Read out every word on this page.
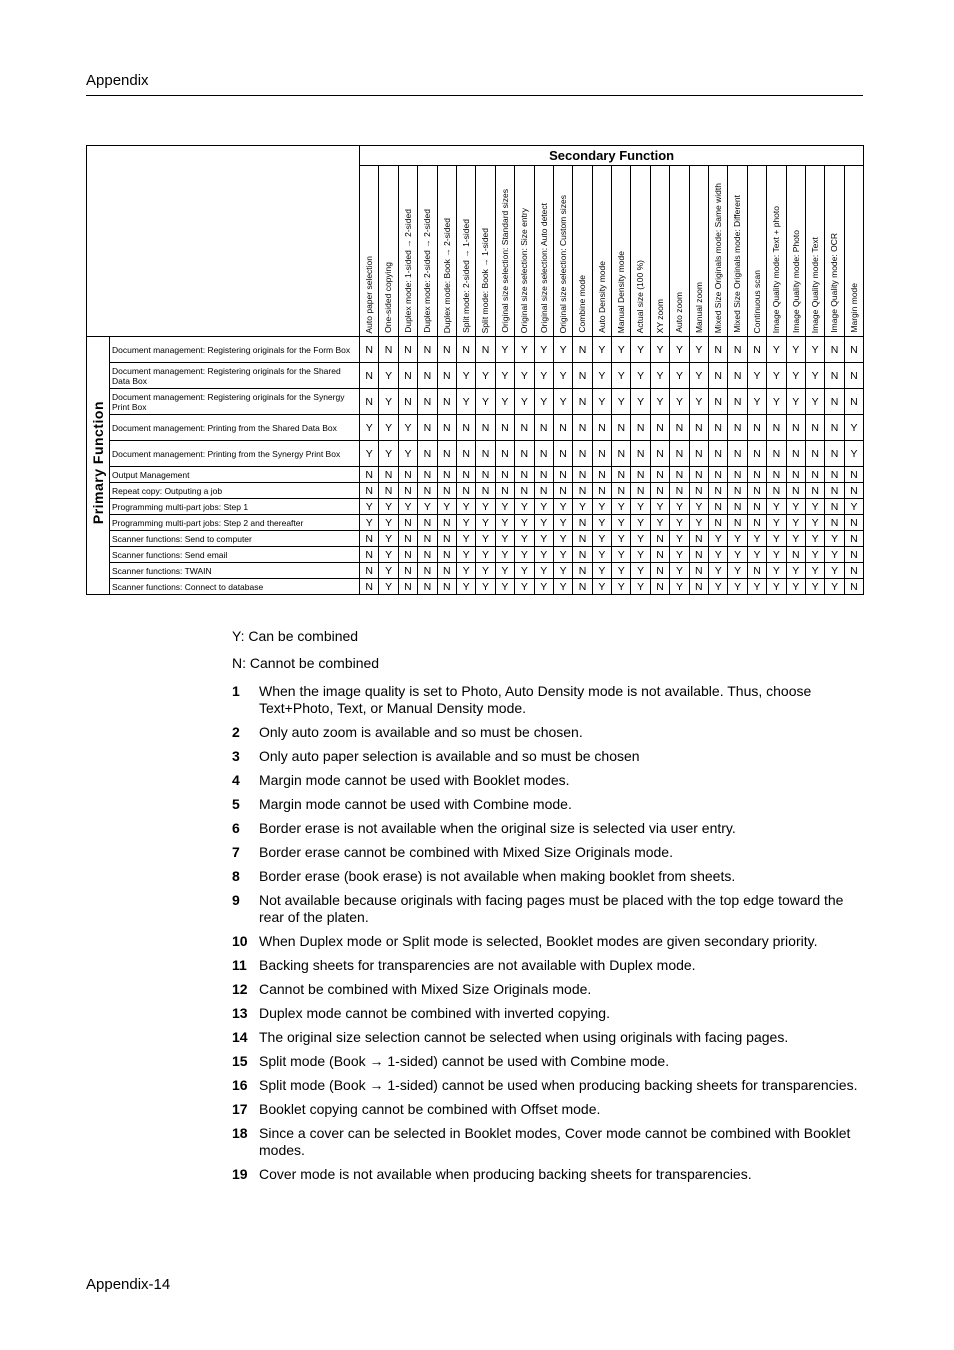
Appendix
		Secondary Function																									

		Auto paper selection	One-sided copying	Duplex mode: 1-sided → 2-sided	Duplex mode: 2-sided → 2-sided	Duplex mode: Book → 2-sided	Split mode: 2-sided → 1-sided	Split mode: Book → 1-sided	Original size selection: Standard sizes	Original size selection: Size entry	Original size selection: Auto detect	Original size selection: Custom sizes	Combine mode	Auto Density mode	Manual Density mode	Actual size (100 %)	XY zoom	Auto zoom	Manual zoom	Mixed Size Originals mode: Same width	Mixed Size Originals mode: Different	Continuous scan	Image Quality mode: Text + photo	Image Quality mode: Photo	Image Quality mode: Text	Image Quality mode: OCR	Margin mode

Primary Function	Document management: Registering originals for the Form Box	N	N	N	N	N	N	N	Y	Y	Y	Y	N	Y	Y	Y	Y	Y	Y	N	N	N	Y	Y	Y	N	N
	Document management: Registering originals for the Shared Data Box	N	Y	N	N	N	Y	Y	Y	Y	Y	Y	N	Y	Y	Y	Y	Y	Y	N	N	Y	Y	Y	Y	N	N
	Document management: Registering originals for the Synergy Print Box	N	Y	N	N	N	Y	Y	Y	Y	Y	Y	N	Y	Y	Y	Y	Y	Y	N	N	Y	Y	Y	Y	N	N
	Document management: Printing from the Shared Data Box	Y	Y	Y	N	N	N	N	N	N	N	N	N	N	N	N	N	N	N	N	N	N	N	N	N	N	Y
	Document management: Printing from the Synergy Print Box	Y	Y	Y	N	N	N	N	N	N	N	N	N	N	N	N	N	N	N	N	N	N	N	N	N	N	Y
	Output Management	N	N	N	N	N	N	N	N	N	N	N	N	N	N	N	N	N	N	N	N	N	N	N	N	N	N
	Repeat copy: Outputing a job	N	N	N	N	N	N	N	N	N	N	N	N	N	N	N	N	N	N	N	N	N	N	N	N	N	N
	Programming multi-part jobs: Step 1	Y	Y	Y	Y	Y	Y	Y	Y	Y	Y	Y	Y	Y	Y	Y	Y	Y	Y	N	N	N	Y	Y	Y	N	Y
	Programming multi-part jobs: Step 2 and thereafter	Y	Y	N	N	N	Y	Y	Y	Y	Y	Y	N	Y	Y	Y	Y	Y	Y	N	N	N	Y	Y	Y	N	N
	Scanner functions: Send to computer	N	Y	N	N	N	Y	Y	Y	Y	Y	Y	N	Y	Y	Y	N	Y	N	Y	Y	Y	Y	Y	Y	Y	N
	Scanner functions: Send email	N	Y	N	N	N	Y	Y	Y	Y	Y	Y	N	Y	Y	Y	N	Y	N	Y	Y	Y	Y	N	Y	Y	N
	Scanner functions: TWAIN	N	Y	N	N	N	Y	Y	Y	Y	Y	Y	N	Y	Y	Y	N	Y	N	Y	Y	N	Y	Y	Y	Y	N
	Scanner functions: Connect to database	N	Y	N	N	N	Y	Y	Y	Y	Y	Y	N	Y	Y	Y	N	Y	N	Y	Y	Y	Y	Y	Y	Y	N
Y: Can be combined
N: Cannot be combined
1	When the image quality is set to Photo, Auto Density mode is not available. Thus, choose Text+Photo, Text, or Manual Density mode.
2	Only auto zoom is available and so must be chosen.
3	Only auto paper selection is available and so must be chosen
4	Margin mode cannot be used with Booklet modes.
5	Margin mode cannot be used with Combine mode.
6	Border erase is not available when the original size is selected via user entry.
7	Border erase cannot be combined with Mixed Size Originals mode.
8	Border erase (book erase) is not available when making booklet from sheets.
9	Not available because originals with facing pages must be placed with the top edge toward the rear of the platen.
10 When Duplex mode or Split mode is selected, Booklet modes are given secondary priority.
11 Backing sheets for transparencies are not available with Duplex mode.
12 Cannot be combined with Mixed Size Originals mode.
13 Duplex mode cannot be combined with inverted copying.
14 The original size selection cannot be selected when using originals with facing pages.
15 Split mode (Book → 1-sided) cannot be used with Combine mode.
16 Split mode (Book → 1-sided) cannot be used when producing backing sheets for transparencies.
17 Booklet copying cannot be combined with Offset mode.
18 Since a cover can be selected in Booklet modes, Cover mode cannot be combined with Booklet modes.
19 Cover mode is not available when producing backing sheets for transparencies.
Appendix-14
